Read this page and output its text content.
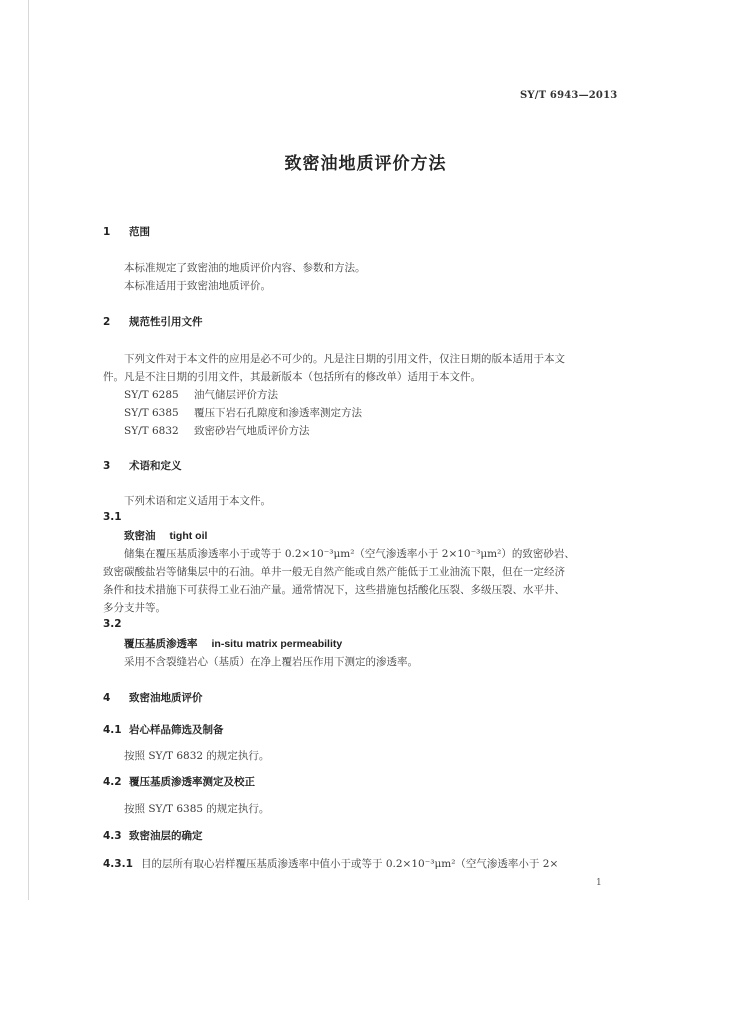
SY/T 6943—2013
致密油地质评价方法
1 范围
本标准规定了致密油的地质评价内容、参数和方法。
本标准适用于致密油地质评价。
2 规范性引用文件
下列文件对于本文件的应用是必不可少的。凡是注日期的引用文件，仅注日期的版本适用于本文
件。凡是不注日期的引用文件，其最新版本（包括所有的修改单）适用于本文件。
SY/T 6285 油气储层评价方法
SY/T 6385 覆压下岩石孔隙度和渗透率测定方法
SY/T 6832 致密砂岩气地质评价方法
3 术语和定义
下列术语和定义适用于本文件。
3.1
致密油 tight oil
储集在覆压基质渗透率小于或等于 0.2×10⁻³μm²（空气渗透率小于 2×10⁻³μm²）的致密砂岩、
致密碳酸盐岩等储集层中的石油。单井一般无自然产能或自然产能低于工业油流下限，但在一定经济
条件和技术措施下可获得工业石油产量。通常情况下，这些措施包括酸化压裂、多级压裂、水平井、
多分支井等。
3.2
覆压基质渗透率 in-situ matrix permeability
采用不含裂缝岩心（基质）在净上覆岩压作用下测定的渗透率。
4 致密油地质评价
4.1 岩心样品筛选及制备
按照 SY/T 6832 的规定执行。
4.2 覆压基质渗透率测定及校正
按照 SY/T 6385 的规定执行。
4.3 致密油层的确定
4.3.1 目的层所有取心岩样覆压基质渗透率中值小于或等于 0.2×10⁻³μm²（空气渗透率小于 2×
1
